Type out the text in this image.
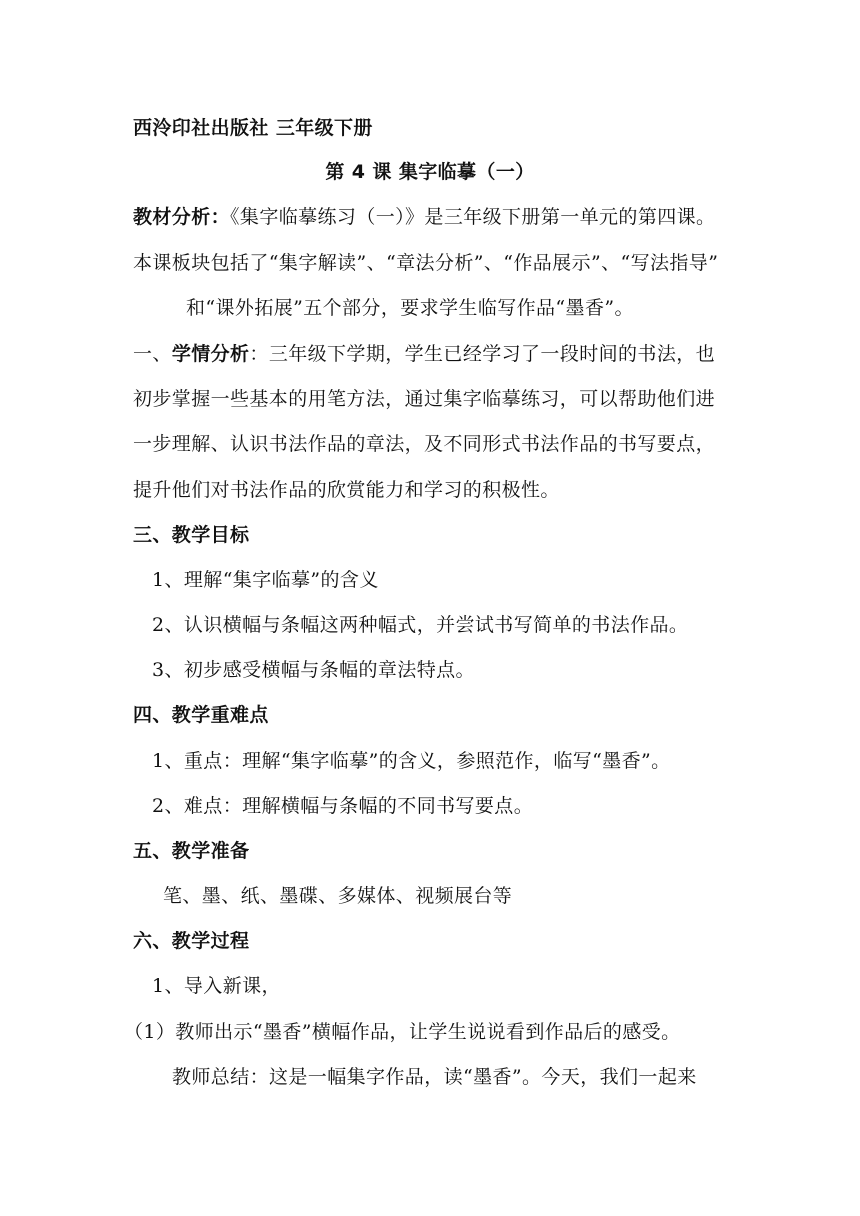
西泠印社出版社 三年级下册
第 4 课 集字临摹（一）
教材分析：《集字临摹练习（一）》是三年级下册第一单元的第四课。
本课板块包括了“集字解读”、“章法分析”、“作品展示”、“写法指导”
和“课外拓展”五个部分，要求学生临写作品“墨香”。
一、学情分析：三年级下学期，学生已经学习了一段时间的书法，也
初步掌握一些基本的用笔方法，通过集字临摹练习，可以帮助他们进
一步理解、认识书法作品的章法，及不同形式书法作品的书写要点，
提升他们对书法作品的欣赏能力和学习的积极性。
三、教学目标
1、理解“集字临摹”的含义
2、认识横幅与条幅这两种幅式，并尝试书写简单的书法作品。
3、初步感受横幅与条幅的章法特点。
四、教学重难点
1、重点：理解“集字临摹”的含义，参照范作，临写“墨香”。
2、难点：理解横幅与条幅的不同书写要点。
五、教学准备
笔、墨、纸、墨碟、多媒体、视频展台等
六、教学过程
1、导入新课，
（1）教师出示“墨香”横幅作品，让学生说说看到作品后的感受。
教师总结：这是一幅集字作品，读“墨香”。今天，我们一起来
